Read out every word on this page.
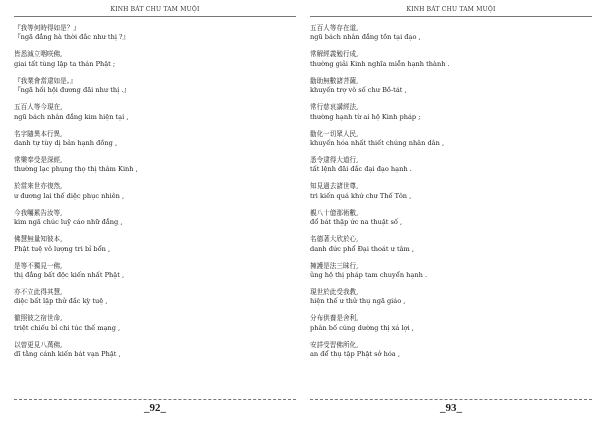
KINH BÁT CHU TAM MUỘI
『我等何時得如是？』
『ngã đẳng hà thời đắc như thị ?』
皆悉減立咽咲佛,
giai tất tùng lập ta thán Phật ;
『我業會當逮如是。』
『ngã hối hội đương đãi như thị .』
五百人等今現在,
ngũ bách nhân đẳng kim hiện tại ,
名字隨異本行異,
danh tự tùy dị bản hạnh đồng ,
常樂奉受是深經,
thường lạc phụng thọ thị thâm Kinh ,
於當來世亦復然,
ư đương lai thế diệc phục nhiên ,
今我囑累告汝等,
kim ngã chúc luỹ cáo nhữ đẳng ,
佛慧無量知彼本,
Phật tuệ vô lượng tri bỉ bổn ,
是等不獨見一佛,
thị đẳng bất độc kiến nhất Phật ,
亦不立此得其慧,
diệc bất lập thử đắc kỳ tuệ ,
徹照彼之宿世命,
triệt chiếu bỉ chi túc thế mạng ,
以曾更見八萬佛,
dĩ tằng cánh kiến bát vạn Phật ,
_92_
KINH BÁT CHU TAM MUỘI
五百人等存在道,
ngũ bách nhân đẳng tồn tại đạo ,
常解經義勉行成,
thường giải Kinh nghĩa miễn hạnh thành .
勸助無數諸菩薩,
khuyến trợ vô số chư Bồ-tát ,
常行慈哀講經法,
thường hạnh từ ai hộ Kinh pháp ;
勸化一切眾人民,
khuyến hóa nhất thiết chúng nhân dân ,
悉令逮得大道行,
tất lệnh đãi đắc đại đạo hạnh .
知見過去諸世尊,
tri kiến quá khứ chư Thế Tôn ,
覩八十億那術數,
đổ bát thập ức na thuật số ,
名德著大欣於心,
danh đức phổ Đại thoát ư tâm ,
擁護是法三昧行,
ủng hộ thị pháp tam chuyển hạnh .
現世於此受我教,
hiện thế ư thử thụ ngã giáo ,
分布供養是舍利,
phân bố cúng dường thị xá lợi ,
安詳受習佛所化,
an để thụ tập Phật sở hóa ,
_93_
